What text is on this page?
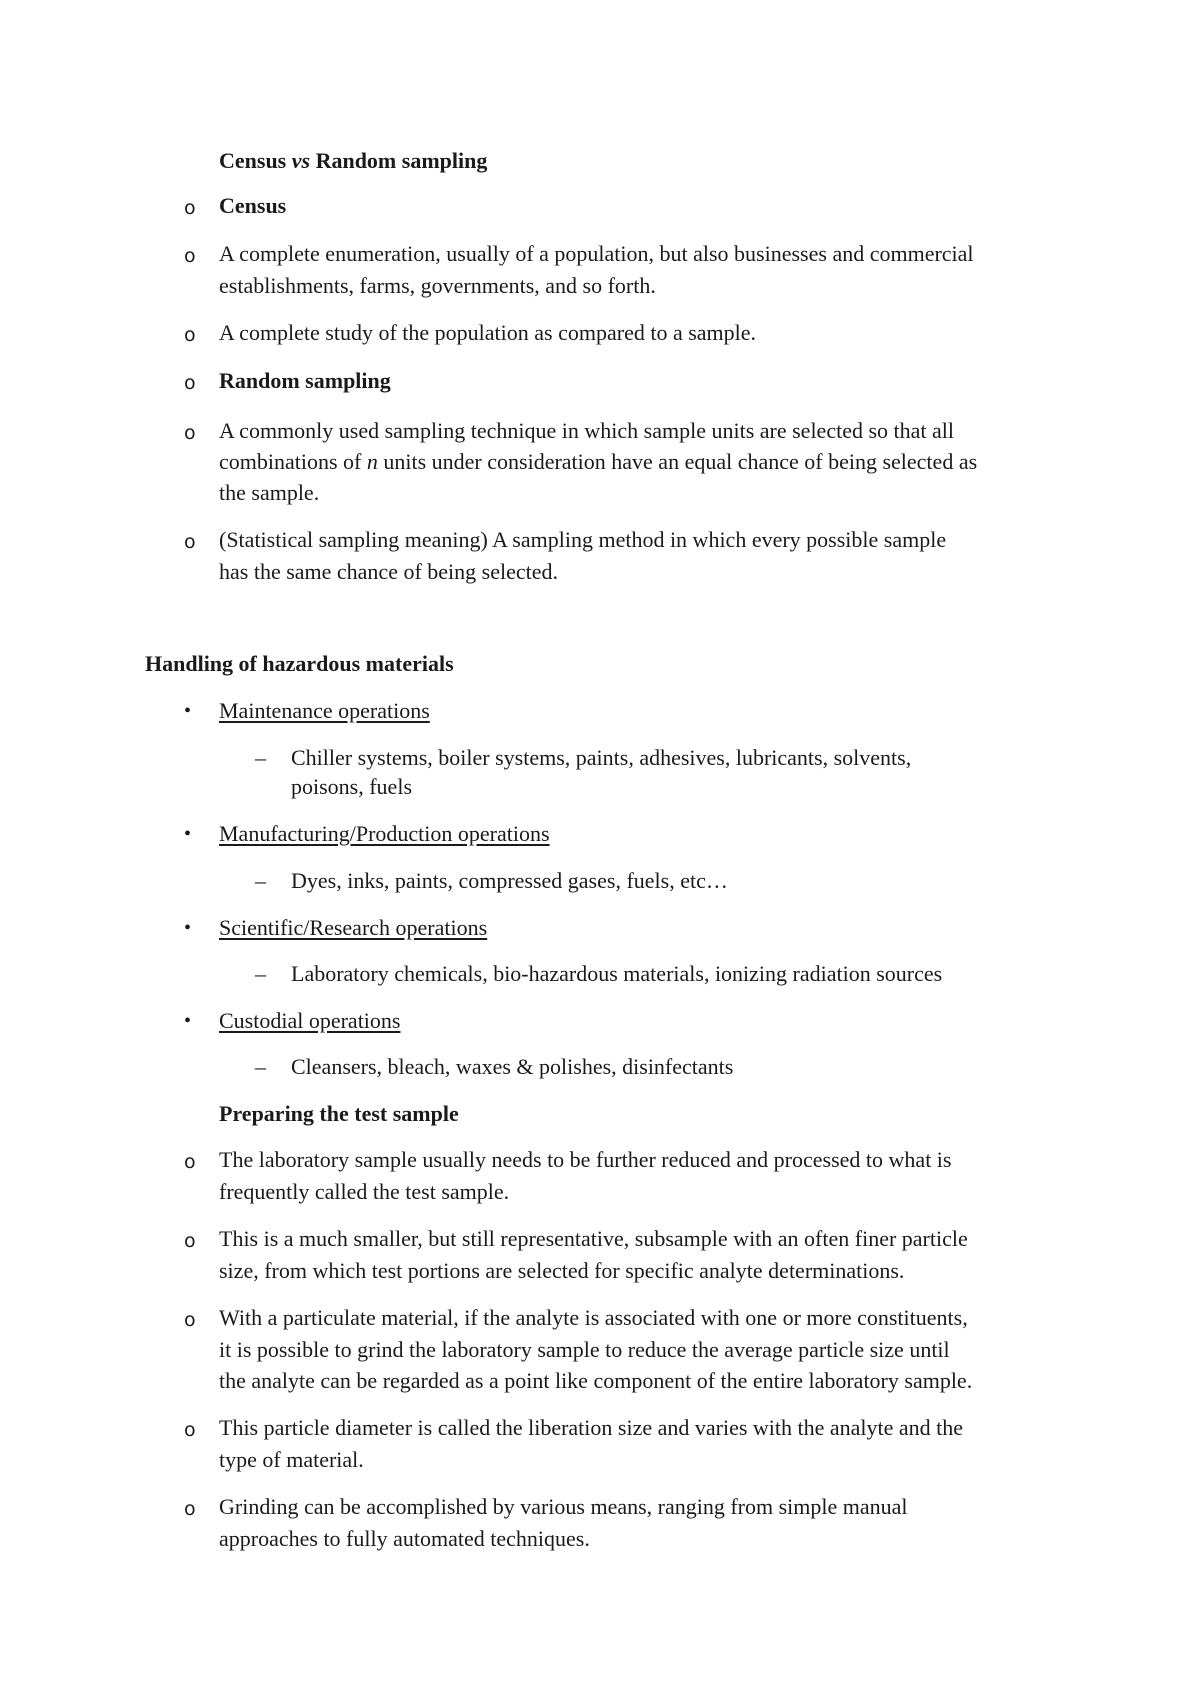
Census vs Random sampling
o Census
o A complete enumeration, usually of a population, but also businesses and commercial
establishments, farms, governments, and so forth.
o A complete study of the population as compared to a sample.
o Random sampling
o A commonly used sampling technique in which sample units are selected so that all
combinations of n units under consideration have an equal chance of being selected as
the sample.
o (Statistical sampling meaning) A sampling method in which every possible sample
has the same chance of being selected.
Handling of hazardous materials
• Maintenance operations
– Chiller systems, boiler systems, paints, adhesives, lubricants, solvents,
poisons, fuels
• Manufacturing/Production operations
– Dyes, inks, paints, compressed gases, fuels, etc…
• Scientific/Research operations
– Laboratory chemicals, bio-hazardous materials, ionizing radiation sources
• Custodial operations
– Cleansers, bleach, waxes & polishes, disinfectants
Preparing the test sample
o The laboratory sample usually needs to be further reduced and processed to what is
frequently called the test sample.
o This is a much smaller, but still representative, subsample with an often finer particle
size, from which test portions are selected for specific analyte determinations.
o With a particulate material, if the analyte is associated with one or more constituents,
it is possible to grind the laboratory sample to reduce the average particle size until
the analyte can be regarded as a point like component of the entire laboratory sample.
o This particle diameter is called the liberation size and varies with the analyte and the
type of material.
o Grinding can be accomplished by various means, ranging from simple manual
approaches to fully automated techniques.
